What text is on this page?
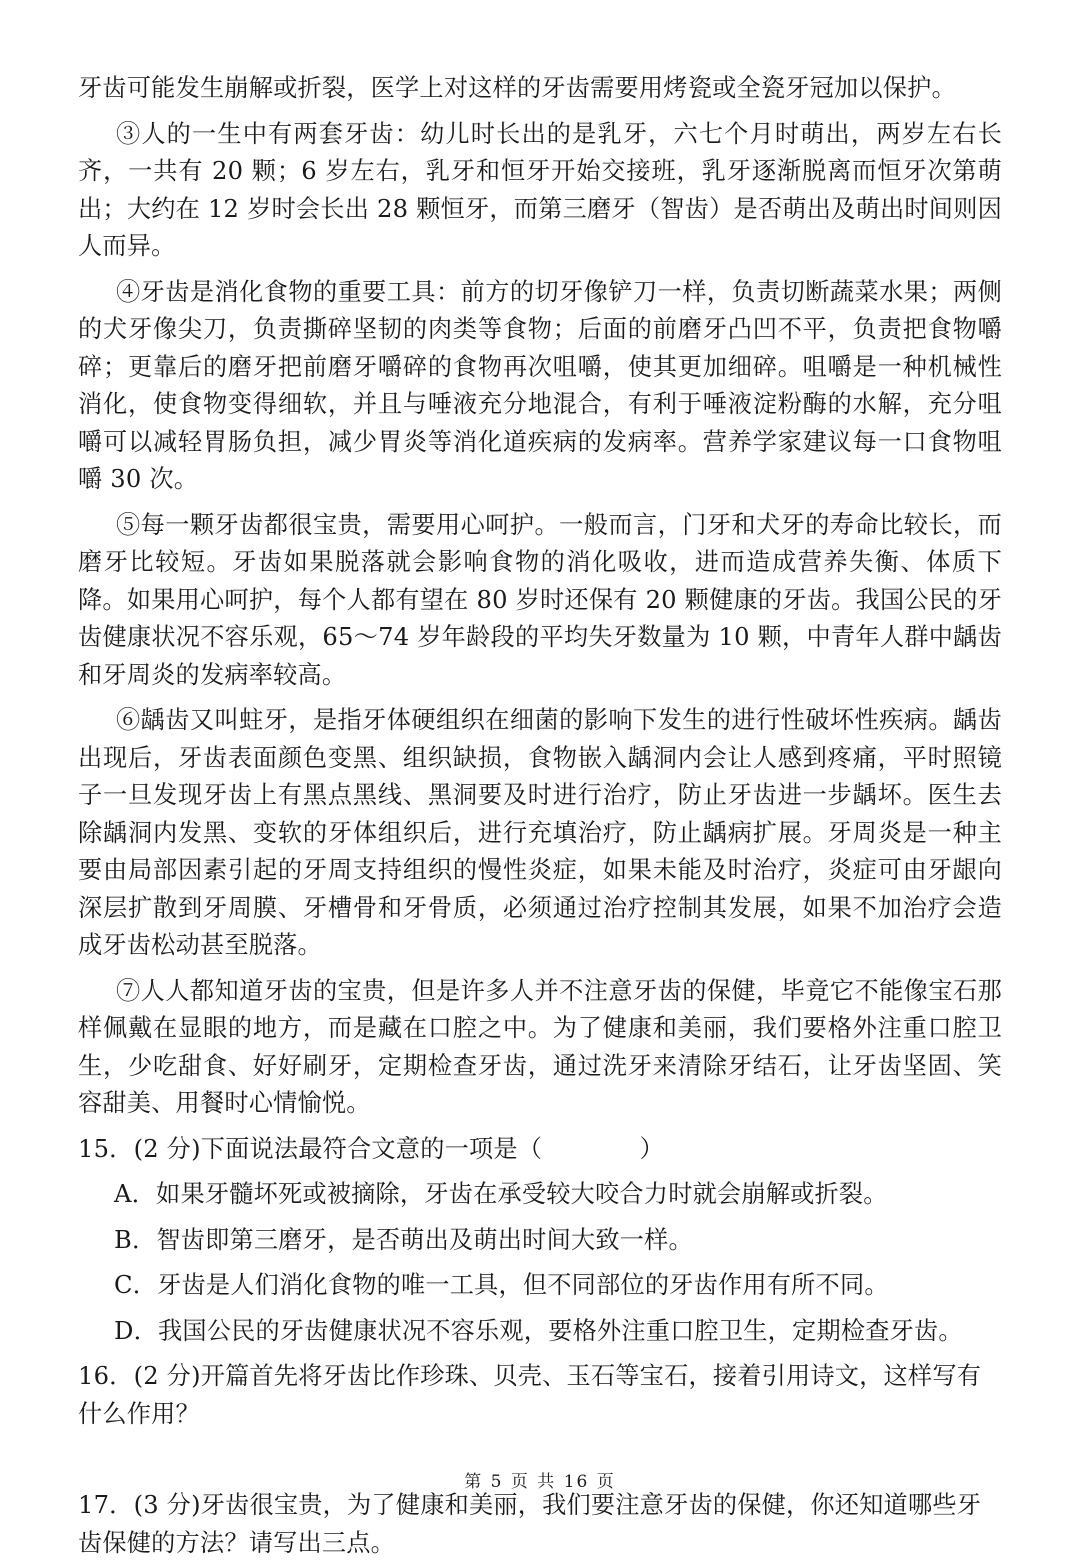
牙齿可能发生崩解或折裂，医学上对这样的牙齿需要用烤瓷或全瓷牙冠加以保护。

③人的一生中有两套牙齿：幼儿时长出的是乳牙，六七个月时萌出，两岁左右长齐，一共有 20 颗；6 岁左右，乳牙和恒牙开始交接班，乳牙逐渐脱离而恒牙次第萌出；大约在 12 岁时会长出 28 颗恒牙，而第三磨牙（智齿）是否萌出及萌出时间则因人而异。

④牙齿是消化食物的重要工具：前方的切牙像铲刀一样，负责切断蔬菜水果；两侧的犬牙像尖刀，负责撕碎坚韧的肉类等食物；后面的前磨牙凸凹不平，负责把食物嚼碎；更靠后的磨牙把前磨牙嚼碎的食物再次咀嚼，使其更加细碎。咀嚼是一种机械性消化，使食物变得细软，并且与唾液充分地混合，有利于唾液淀粉酶的水解，充分咀嚼可以减轻胃肠负担，减少胃炎等消化道疾病的发病率。营养学家建议每一口食物咀嚼 30 次。

⑤每一颗牙齿都很宝贵，需要用心呵护。一般而言，门牙和犬牙的寿命比较长，而磨牙比较短。牙齿如果脱落就会影响食物的消化吸收，进而造成营养失衡、体质下降。如果用心呵护，每个人都有望在 80 岁时还保有 20 颗健康的牙齿。我国公民的牙齿健康状况不容乐观，65～74 岁年龄段的平均失牙数量为 10 颗，中青年人群中龋齿和牙周炎的发病率较高。

⑥龋齿又叫蛀牙，是指牙体硬组织在细菌的影响下发生的进行性破坏性疾病。龋齿出现后，牙齿表面颜色变黑、组织缺损，食物嵌入龋洞内会让人感到疼痛，平时照镜子一旦发现牙齿上有黑点黑线、黑洞要及时进行治疗，防止牙齿进一步龋坏。医生去除龋洞内发黑、变软的牙体组织后，进行充填治疗，防止龋病扩展。牙周炎是一种主要由局部因素引起的牙周支持组织的慢性炎症，如果未能及时治疗，炎症可由牙龈向深层扩散到牙周膜、牙槽骨和牙骨质，必须通过治疗控制其发展，如果不加治疗会造成牙齿松动甚至脱落。

⑦人人都知道牙齿的宝贵，但是许多人并不注意牙齿的保健，毕竟它不能像宝石那样佩戴在显眼的地方，而是藏在口腔之中。为了健康和美丽，我们要格外注重口腔卫生，少吃甜食、好好刷牙，定期检查牙齿，通过洗牙来清除牙结石，让牙齿坚固、笑容甜美、用餐时心情愉悦。

15．(2 分)下面说法最符合文意的一项是（　　　　）

A．如果牙髓坏死或被摘除，牙齿在承受较大咬合力时就会崩解或折裂。

B．智齿即第三磨牙，是否萌出及萌出时间大致一样。

C．牙齿是人们消化食物的唯一工具，但不同部位的牙齿作用有所不同。

D．我国公民的牙齿健康状况不容乐观，要格外注重口腔卫生，定期检查牙齿。

16．(2 分)开篇首先将牙齿比作珍珠、贝壳、玉石等宝石，接着引用诗文，这样写有什么作用？

17．(3 分)牙齿很宝贵，为了健康和美丽，我们要注意牙齿的保健，你还知道哪些牙齿保健的方法？请写出三点。

第 5 页 共 16 页
